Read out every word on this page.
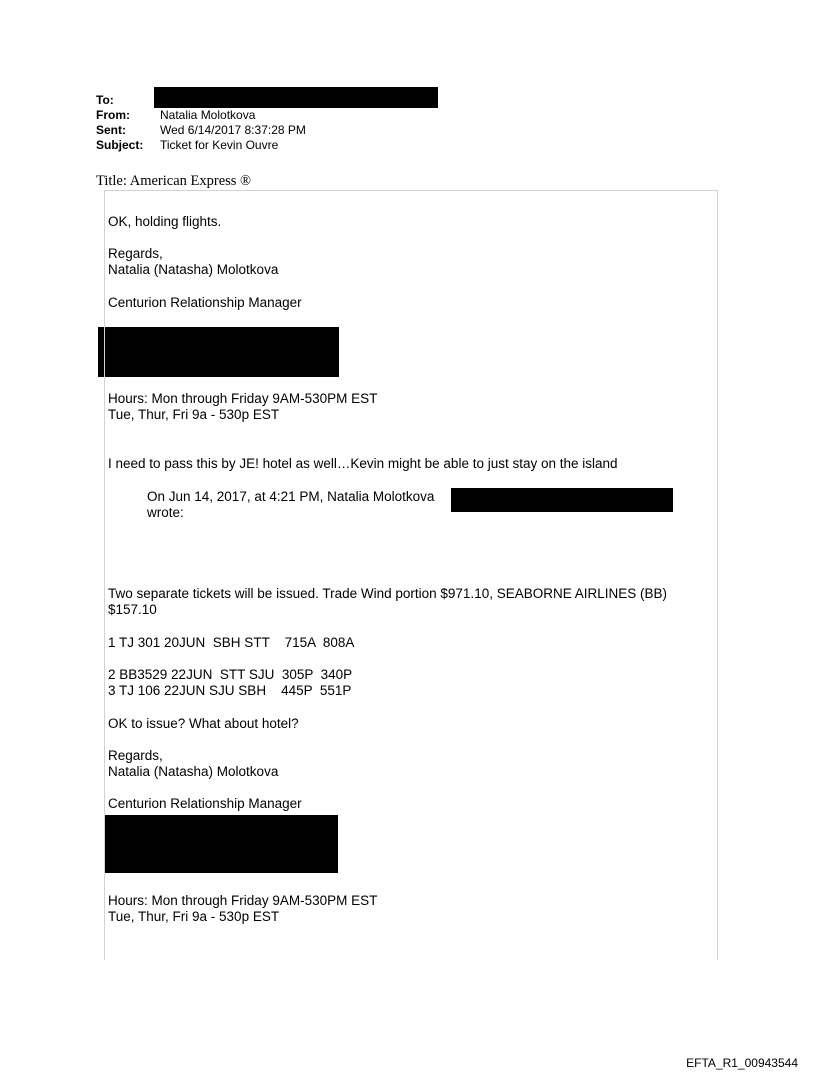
To:
From:	Natalia Molotkova
Sent:	Wed 6/14/2017 8:37:28 PM
Subject:	Ticket for Kevin Ouvre
Title: American Express ®
OK, holding flights.
Regards,
Natalia (Natasha) Molotkova
Centurion Relationship Manager
Hours: Mon through Friday 9AM-530PM EST
Tue, Thur, Fri 9a - 530p EST
I need to pass this by JE! hotel as well…Kevin might be able to just stay on the island
On Jun 14, 2017, at 4:21 PM, Natalia Molotkova
wrote:
Two separate tickets will be issued. Trade Wind portion $971.10, SEABORNE AIRLINES (BB)
$157.10
1 TJ 301 20JUN  SBH STT    715A  808A
2 BB3529 22JUN  STT SJU  305P  340P
3 TJ 106 22JUN SJU SBH    445P  551P
OK to issue? What about hotel?
Regards,
Natalia (Natasha) Molotkova
Centurion Relationship Manager
Hours: Mon through Friday 9AM-530PM EST
Tue, Thur, Fri 9a - 530p EST
EFTA_R1_00943544
